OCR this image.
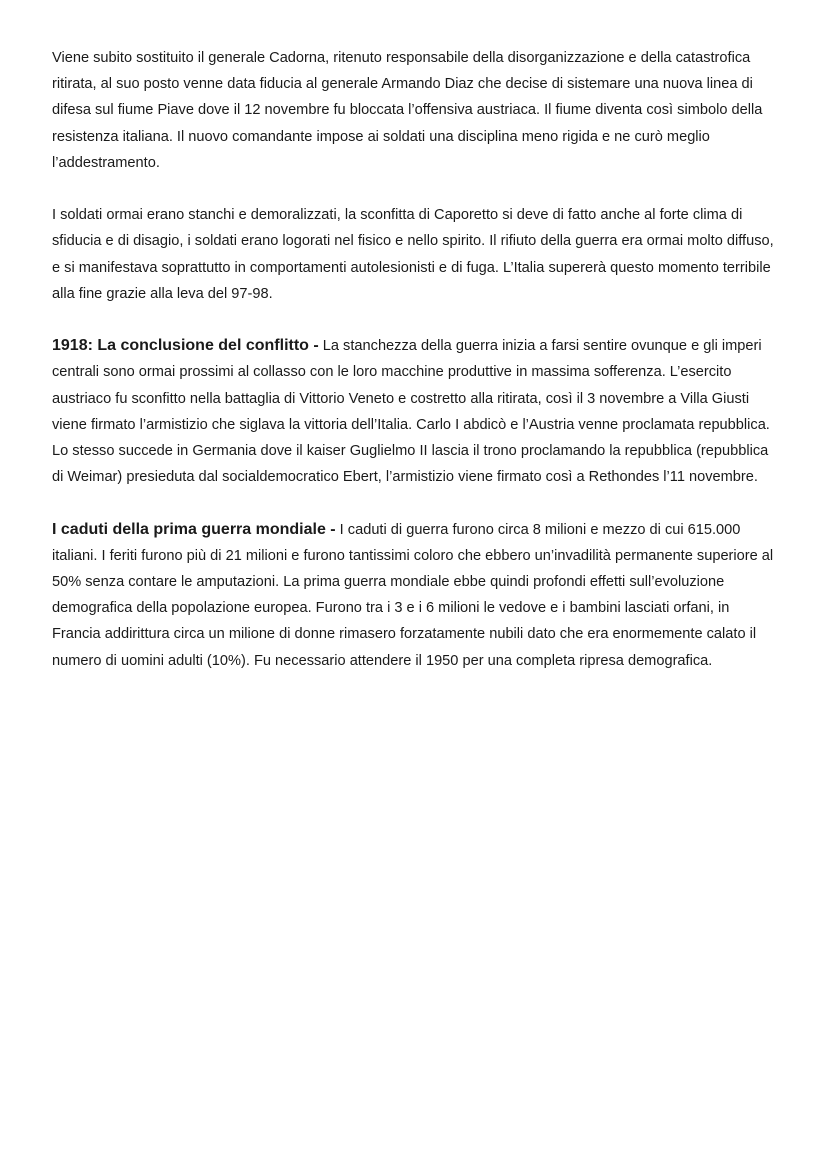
Viene subito sostituito il generale Cadorna, ritenuto responsabile della disorganizzazione e della catastrofica ritirata, al suo posto venne data fiducia al generale Armando Diaz che decise di sistemare una nuova linea di difesa sul fiume Piave dove il 12 novembre fu bloccata l’offensiva austriaca. Il fiume diventa così simbolo della resistenza italiana. Il nuovo comandante impose ai soldati una disciplina meno rigida e ne curò meglio l’addestramento.

I soldati ormai erano stanchi e demoralizzati, la sconfitta di Caporetto si deve di fatto anche al forte clima di sfiducia e di disagio, i soldati erano logorati nel fisico e nello spirito. Il rifiuto della guerra era ormai molto diffuso, e si manifestava soprattutto in comportamenti autolesionisti e di fuga. L’Italia supererà questo momento terribile alla fine grazie alla leva del 97-98.

1918: La conclusione del conflitto - La stanchezza della guerra inizia a farsi sentire ovunque e gli imperi centrali sono ormai prossimi al collasso con le loro macchine produttive in massima sofferenza. L’esercito austriaco fu sconfitto nella battaglia di Vittorio Veneto e costretto alla ritirata, così il 3 novembre a Villa Giusti viene firmato l’armistizio che siglava la vittoria dell’Italia. Carlo I abdicò e l’Austria venne proclamata repubblica. Lo stesso succede in Germania dove il kaiser Guglielmo II lascia il trono proclamando la repubblica (repubblica di Weimar) presieduta dal socialdemocratico Ebert, l’armistizio viene firmato così a Rethondes l’11 novembre.

I caduti della prima guerra mondiale - I caduti di guerra furono circa 8 milioni e mezzo di cui 615.000 italiani. I feriti furono più di 21 milioni e furono tantissimi coloro che ebbero un’invadilità permanente superiore al 50% senza contare le amputazioni. La prima guerra mondiale ebbe quindi profondi effetti sull’evoluzione demografica della popolazione europea. Furono tra i 3 e i 6 milioni le vedove e i bambini lasciati orfani, in Francia addirittura circa un milione di donne rimasero forzatamente nubili dato che era enormemente calato il numero di uomini adulti (10%). Fu necessario attendere il 1950 per una completa ripresa demografica.
